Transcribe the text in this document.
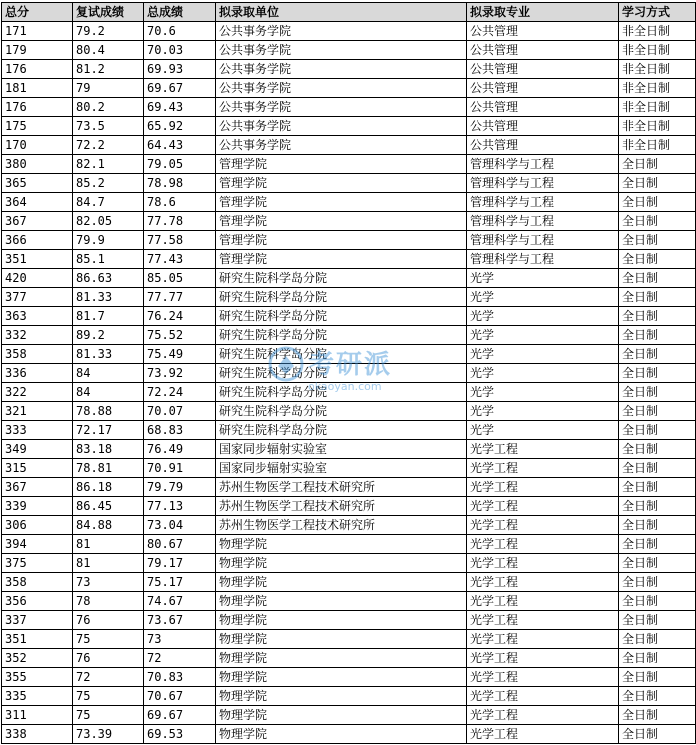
总分	复试成绩	总成绩	拟录取单位	拟录取专业	学习方式
171	79.2	70.6	公共事务学院	公共管理	非全日制
179	80.4	70.03	公共事务学院	公共管理	非全日制
176	81.2	69.93	公共事务学院	公共管理	非全日制
181	79	69.67	公共事务学院	公共管理	非全日制
176	80.2	69.43	公共事务学院	公共管理	非全日制
175	73.5	65.92	公共事务学院	公共管理	非全日制
170	72.2	64.43	公共事务学院	公共管理	非全日制
380	82.1	79.05	管理学院	管理科学与工程	全日制
365	85.2	78.98	管理学院	管理科学与工程	全日制
364	84.7	78.6	管理学院	管理科学与工程	全日制
367	82.05	77.78	管理学院	管理科学与工程	全日制
366	79.9	77.58	管理学院	管理科学与工程	全日制
351	85.1	77.43	管理学院	管理科学与工程	全日制
420	86.63	85.05	研究生院科学岛分院	光学	全日制
377	81.33	77.77	研究生院科学岛分院	光学	全日制
363	81.7	76.24	研究生院科学岛分院	光学	全日制
332	89.2	75.52	研究生院科学岛分院	光学	全日制
358	81.33	75.49	研究生院科学岛分院	光学	全日制
336	84	73.92	研究生院科学岛分院	光学	全日制
322	84	72.24	研究生院科学岛分院	光学	全日制
321	78.88	70.07	研究生院科学岛分院	光学	全日制
333	72.17	68.83	研究生院科学岛分院	光学	全日制
349	83.18	76.49	国家同步辐射实验室	光学工程	全日制
315	78.81	70.91	国家同步辐射实验室	光学工程	全日制
367	86.18	79.79	苏州生物医学工程技术研究所	光学工程	全日制
339	86.45	77.13	苏州生物医学工程技术研究所	光学工程	全日制
306	84.88	73.04	苏州生物医学工程技术研究所	光学工程	全日制
394	81	80.67	物理学院	光学工程	全日制
375	81	79.17	物理学院	光学工程	全日制
358	73	75.17	物理学院	光学工程	全日制
356	78	74.67	物理学院	光学工程	全日制
337	76	73.67	物理学院	光学工程	全日制
351	75	73	物理学院	光学工程	全日制
352	76	72	物理学院	光学工程	全日制
355	72	70.83	物理学院	光学工程	全日制
335	75	70.67	物理学院	光学工程	全日制
311	75	69.67	物理学院	光学工程	全日制
338	73.39	69.53	物理学院	光学工程	全日制
考研派
okaoyan.com
